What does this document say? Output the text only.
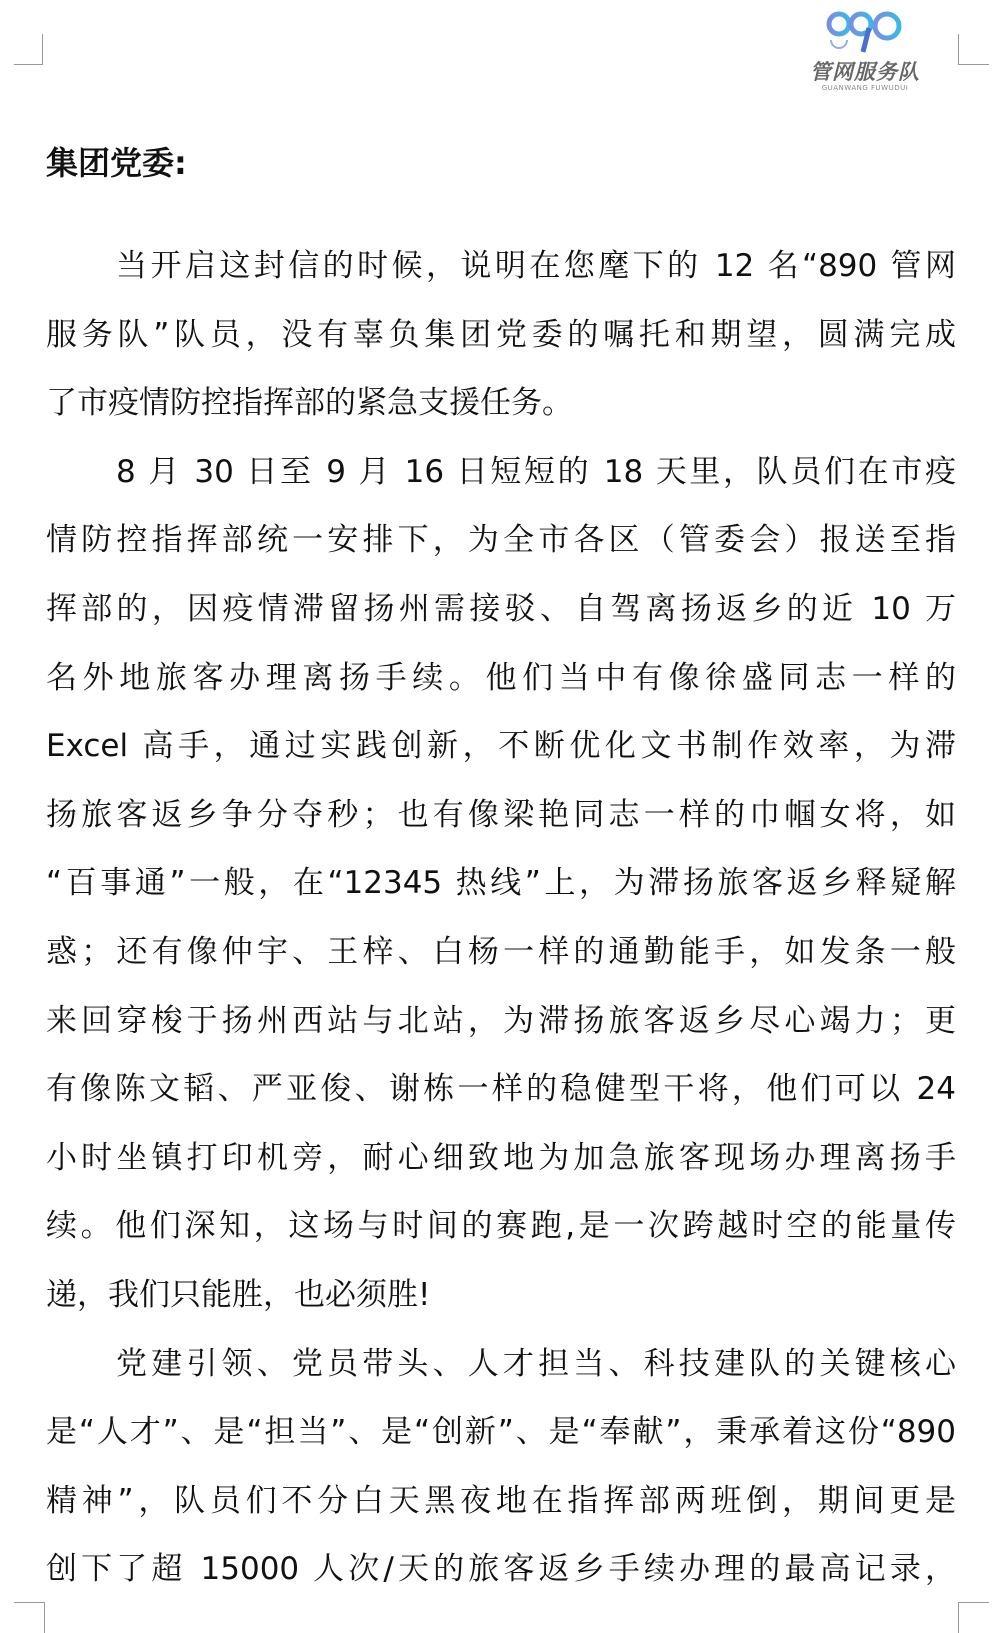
管网服务队
GUANWANG FUWUDUI
集团党委:
当开启这封信的时候，说明在您麾下的 12 名“890 管网
服务队”队员，没有辜负集团党委的嘱托和期望，圆满完成
了市疫情防控指挥部的紧急支援任务。
8 月 30 日至 9 月 16 日短短的 18 天里，队员们在市疫
情防控指挥部统一安排下，为全市各区（管委会）报送至指
挥部的，因疫情滞留扬州需接驳、自驾离扬返乡的近 10 万
名外地旅客办理离扬手续。他们当中有像徐盛同志一样的
Excel 高手，通过实践创新，不断优化文书制作效率，为滞
扬旅客返乡争分夺秒；也有像梁艳同志一样的巾帼女将，如
“百事通”一般，在“12345 热线”上，为滞扬旅客返乡释疑解
惑；还有像仲宇、王梓、白杨一样的通勤能手，如发条一般
来回穿梭于扬州西站与北站，为滞扬旅客返乡尽心竭力；更
有像陈文韬、严亚俊、谢栋一样的稳健型干将，他们可以 24
小时坐镇打印机旁，耐心细致地为加急旅客现场办理离扬手
续。他们深知，这场与时间的赛跑,是一次跨越时空的能量传
递，我们只能胜，也必须胜!
党建引领、党员带头、人才担当、科技建队的关键核心
是“人才”、是“担当”、是“创新”、是“奉献”，秉承着这份“890
精神”，队员们不分白天黑夜地在指挥部两班倒，期间更是
创下了超 15000 人次/天的旅客返乡手续办理的最高记录，
